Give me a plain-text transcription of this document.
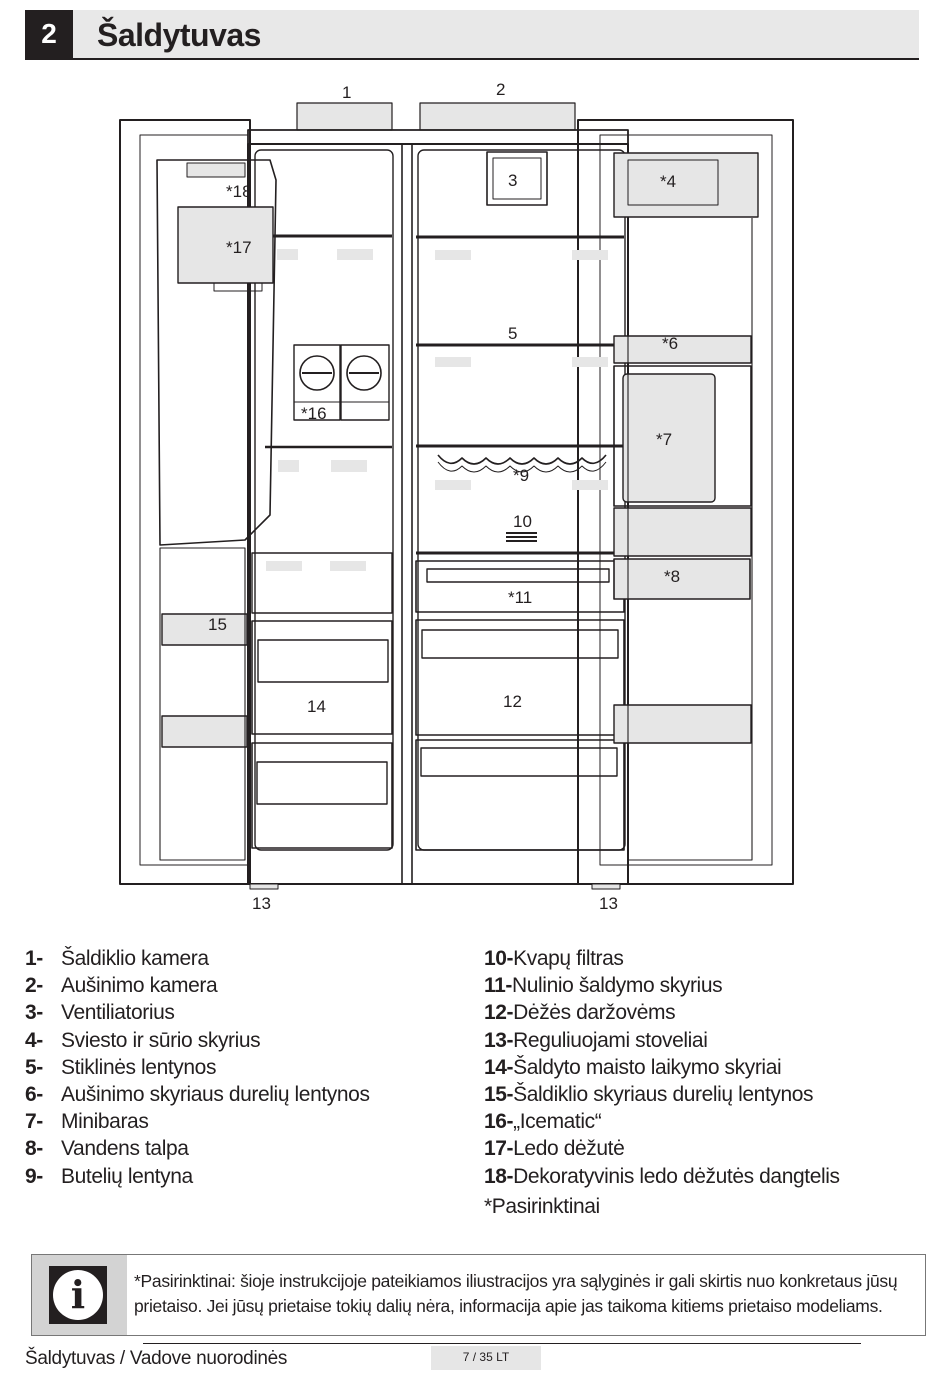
2	Šaldytuvas
1	2
3	*4
5
*6
*7
*8
*9
10
*11
12
13	13
14
15
*16
*17
*18
1- Šaldiklio kamera
2- Aušinimo kamera
3- Ventiliatorius
4- Sviesto ir sūrio skyrius
5- Stiklinės lentynos
6- Aušinimo skyriaus durelių lentynos
7- Minibaras
8- Vandens talpa
9- Butelių lentyna
10-Kvapų filtras
11-Nulinio šaldymo skyrius
12-Dėžės daržovėms
13-Reguliuojami stoveliai
14-Šaldyto maisto laikymo skyriai
15-Šaldiklio skyriaus durelių lentynos
16-„Icematic“
17-Ledo dėžutė
18-Dekoratyvinis ledo dėžutės dangtelis
*Pasirinktinai
i	*Pasirinktinai: šioje instrukcijoje pateikiamos iliustracijos yra sąlyginės ir gali skirtis nuo konkretaus jūsų prietaiso. Jei jūsų prietaise tokių dalių nėra, informacija apie jas taikoma kitiems prietaiso modeliams.
Šaldytuvas / Vadove nuorodinės	7 / 35 LT
